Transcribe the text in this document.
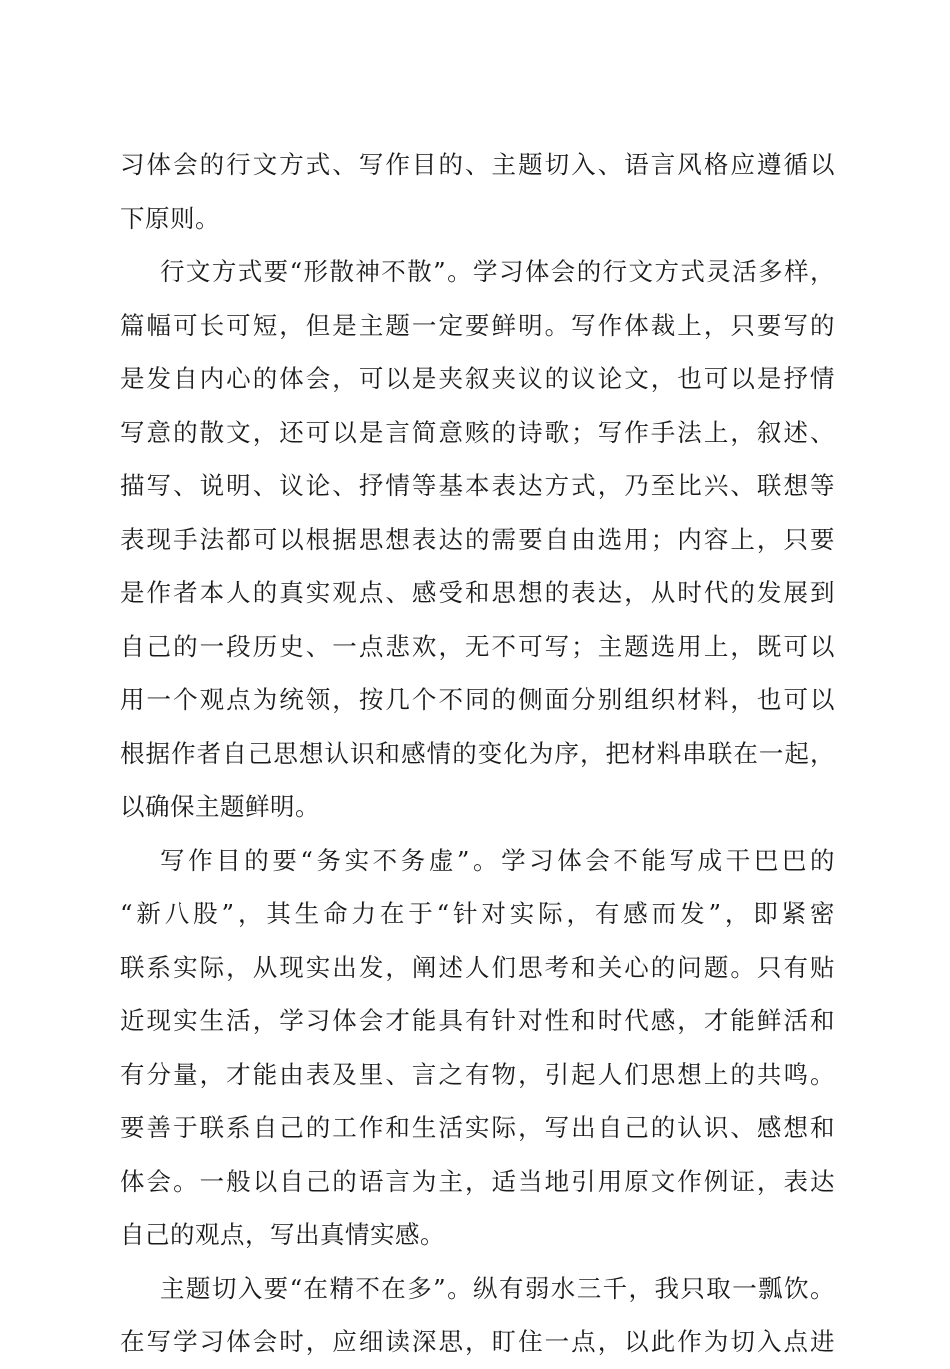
习体会的行文方式、写作目的、主题切入、语言风格应遵循以
下原则。
行文方式要“形散神不散”。学习体会的行文方式灵活多样，
篇幅可长可短，但是主题一定要鲜明。写作体裁上，只要写的
是发自内心的体会，可以是夹叙夹议的议论文，也可以是抒情
写意的散文，还可以是言简意赅的诗歌；写作手法上，叙述、
描写、说明、议论、抒情等基本表达方式，乃至比兴、联想等
表现手法都可以根据思想表达的需要自由选用；内容上，只要
是作者本人的真实观点、感受和思想的表达，从时代的发展到
自己的一段历史、一点悲欢，无不可写；主题选用上，既可以
用一个观点为统领，按几个不同的侧面分别组织材料，也可以
根据作者自己思想认识和感情的变化为序，把材料串联在一起，
以确保主题鲜明。
写作目的要“务实不务虚”。学习体会不能写成干巴巴的
“新八股”，其生命力在于“针对实际，有感而发”，即紧密
联系实际，从现实出发，阐述人们思考和关心的问题。只有贴
近现实生活，学习体会才能具有针对性和时代感，才能鲜活和
有分量，才能由表及里、言之有物，引起人们思想上的共鸣。
要善于联系自己的工作和生活实际，写出自己的认识、感想和
体会。一般以自己的语言为主，适当地引用原文作例证，表达
自己的观点，写出真情实感。
主题切入要“在精不在多”。纵有弱水三千，我只取一瓢饮。
在写学习体会时，应细读深思，盯住一点，以此作为切入点进
